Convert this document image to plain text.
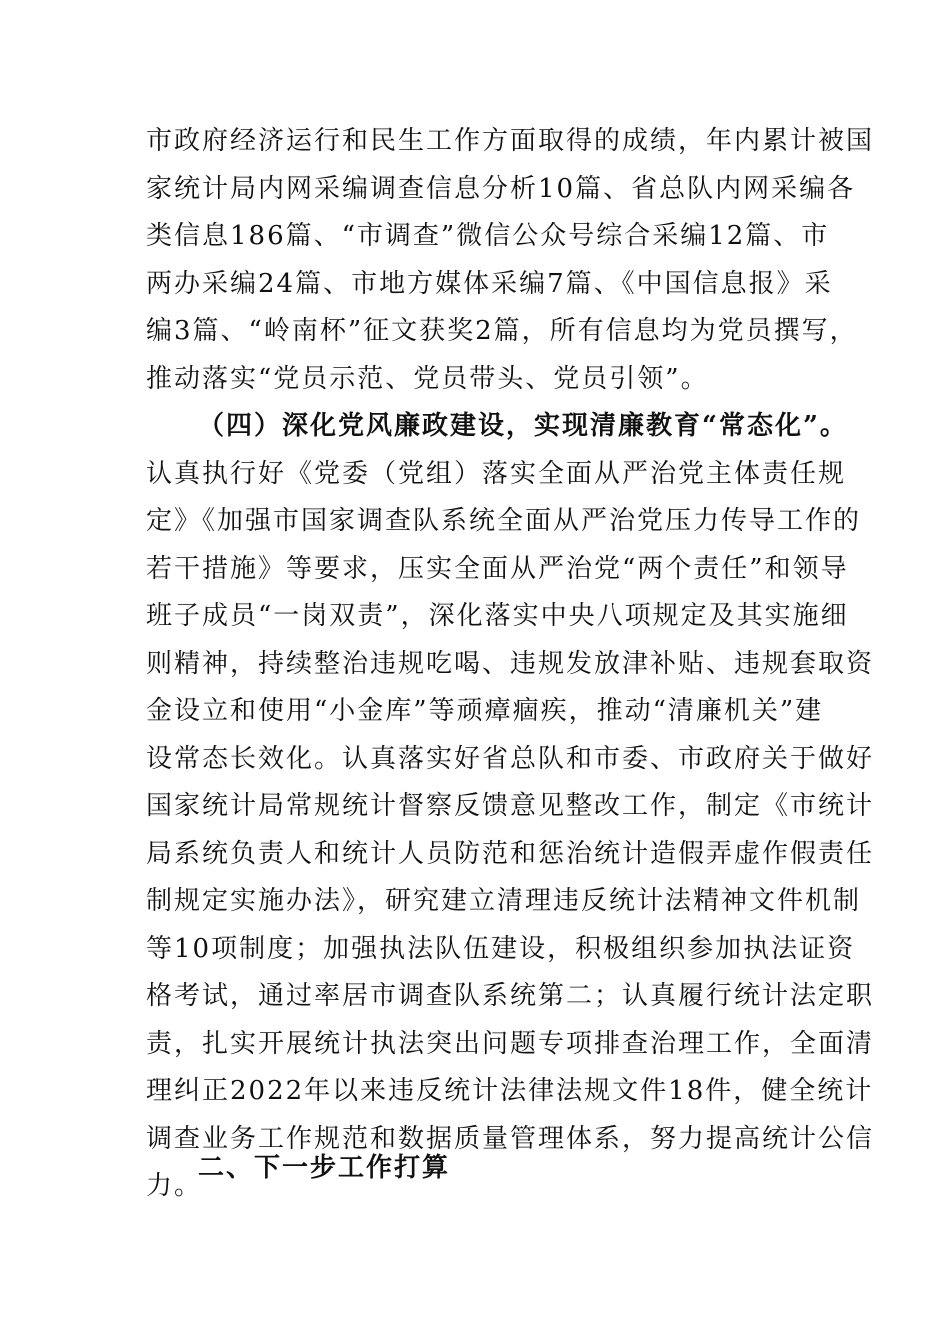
市政府经济运行和民生工作方面取得的成绩，年内累计被国
家统计局内网采编调查信息分析10篇、省总队内网采编各
类信息186篇、“市调查”微信公众号综合采编12篇、市
两办采编24篇、市地方媒体采编7篇、《中国信息报》采
编3篇、“岭南杯”征文获奖2篇，所有信息均为党员撰写，
推动落实“党员示范、党员带头、党员引领”。
（四）深化党风廉政建设，实现清廉教育“常态化”。
认真执行好《党委（党组）落实全面从严治党主体责任规
定》《加强市国家调查队系统全面从严治党压力传导工作的
若干措施》等要求，压实全面从严治党“两个责任”和领导
班子成员“一岗双责”，深化落实中央八项规定及其实施细
则精神，持续整治违规吃喝、违规发放津补贴、违规套取资
金设立和使用“小金库”等顽瘴痼疾，推动“清廉机关”建
设常态长效化。认真落实好省总队和市委、市政府关于做好
国家统计局常规统计督察反馈意见整改工作，制定《市统计
局系统负责人和统计人员防范和惩治统计造假弄虚作假责任
制规定实施办法》，研究建立清理违反统计法精神文件机制
等10项制度；加强执法队伍建设，积极组织参加执法证资
格考试，通过率居市调查队系统第二；认真履行统计法定职
责，扎实开展统计执法突出问题专项排查治理工作，全面清
理纠正2022年以来违反统计法律法规文件18件，健全统计
调查业务工作规范和数据质量管理体系，努力提高统计公信
力。
二、下一步工作打算
